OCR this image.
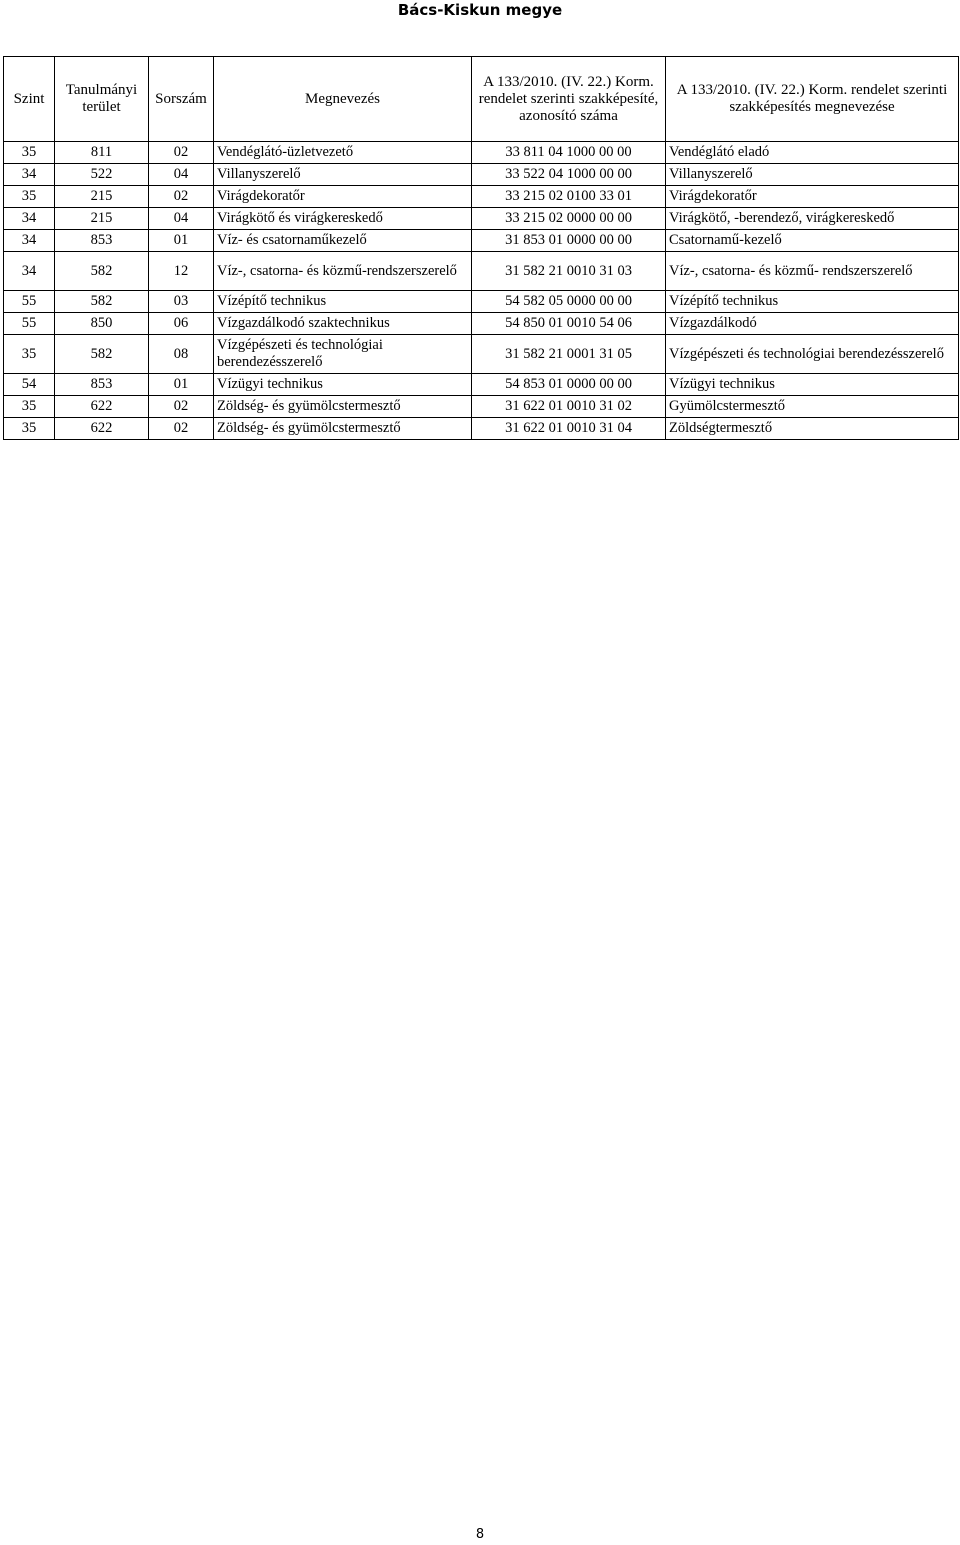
Bács-Kiskun megye
Szint	Tanulmányi terület	Sorszám	Megnevezés	A 133/2010. (IV. 22.) Korm. rendelet szerinti szakképesíté, azonosító száma	A 133/2010. (IV. 22.) Korm. rendelet szerinti szakképesítés megnevezése
35	811	02	Vendéglátó-üzletvezető	33 811 04 1000 00 00	Vendéglátó eladó
34	522	04	Villanyszerelő	33 522 04 1000 00 00	Villanyszerelő
35	215	02	Virágdekoratőr	33 215 02 0100 33 01	Virágdekoratőr
34	215	04	Virágkötő és virágkereskedő	33 215 02 0000 00 00	Virágkötő, -berendező, virágkereskedő
34	853	01	Víz- és csatornaműkezelő	31 853 01 0000 00 00	Csatornamű-kezelő
34	582	12	Víz-, csatorna- és közmű-rendszerszerelő	31 582 21 0010 31 03	Víz-, csatorna- és közmű- rendszerszerelő
55	582	03	Vízépítő technikus	54 582 05 0000 00 00	Vízépítő technikus
55	850	06	Vízgazdálkodó szaktechnikus	54 850 01 0010 54 06	Vízgazdálkodó
35	582	08	Vízgépészeti és technológiai berendezésszerelő	31 582 21 0001 31 05	Vízgépészeti és technológiai berendezésszerelő
54	853	01	Vízügyi technikus	54 853 01 0000 00 00	Vízügyi technikus
35	622	02	Zöldség- és gyümölcstermesztő	31 622 01 0010 31 02	Gyümölcstermesztő
35	622	02	Zöldség- és gyümölcstermesztő	31 622 01 0010 31 04	Zöldségtermesztő
8
